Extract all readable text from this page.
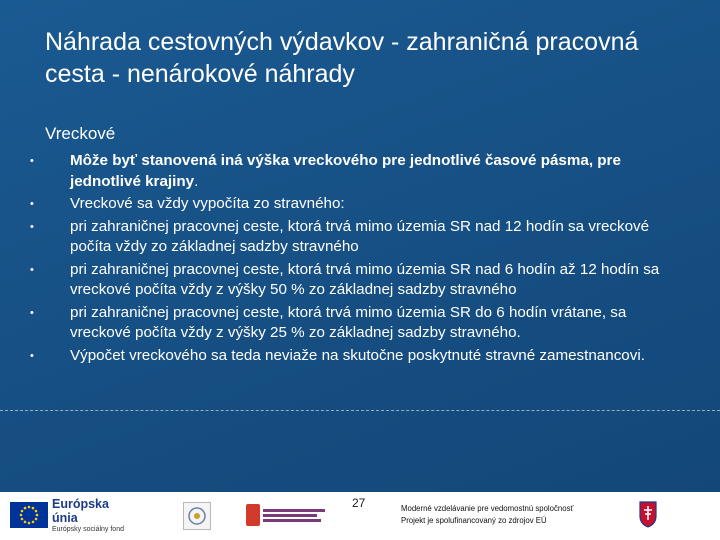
Náhrada cestovných výdavkov - zahraničná pracovná cesta - nenárokové náhrady
Vreckové
•	Môže byť stanovená iná výška vreckového pre jednotlivé časové pásma, pre jednotlivé krajiny.
•	Vreckové sa vždy vypočíta zo stravného:
•	pri zahraničnej pracovnej ceste, ktorá trvá mimo územia SR nad 12 hodín sa vreckové počíta vždy zo základnej sadzby stravného
•	pri zahraničnej pracovnej ceste, ktorá trvá mimo územia SR nad 6 hodín až 12 hodín sa vreckové počíta vždy z výšky 50 % zo základnej sadzby stravného
•	pri zahraničnej pracovnej ceste, ktorá trvá mimo územia SR do 6 hodín vrátane, sa vreckové počíta vždy z výšky 25 % zo základnej sadzby stravného.
•	Výpočet vreckového sa teda neviaže na skutočne poskytnuté stravné zamestnancovi.
27
Európska únia
Európsky sociálny fond
Moderné vzdelávanie pre vedomostnú spoločnosť
Projekt je spolufinancovaný zo zdrojov EÚ
